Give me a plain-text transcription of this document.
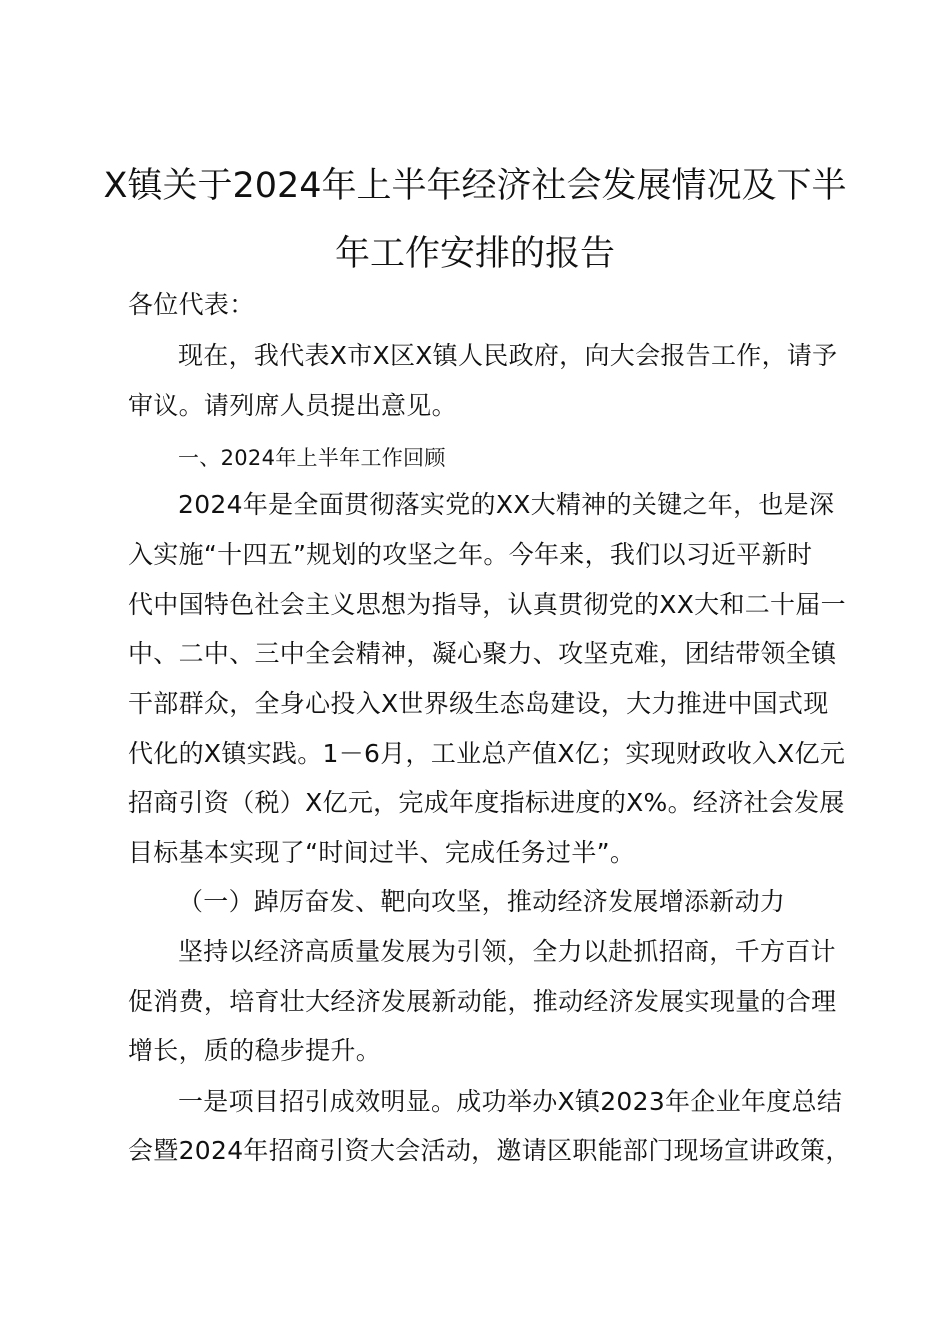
X镇关于2024年上半年经济社会发展情况及下半
年工作安排的报告
各位代表：
现在，我代表X市X区X镇人民政府，向大会报告工作，请予
审议。请列席人员提出意见。
一、2024年上半年工作回顾
2024年是全面贯彻落实党的XX大精神的关键之年，也是深
入实施“十四五”规划的攻坚之年。今年来，我们以习近平新时
代中国特色社会主义思想为指导，认真贯彻党的XX大和二十届一
中、二中、三中全会精神，凝心聚力、攻坚克难，团结带领全镇
干部群众，全身心投入X世界级生态岛建设，大力推进中国式现
代化的X镇实践。1－6月，工业总产值X亿；实现财政收入X亿元
招商引资（税）X亿元，完成年度指标进度的X%。经济社会发展
目标基本实现了“时间过半、完成任务过半”。
（一）踔厉奋发、靶向攻坚，推动经济发展增添新动力
坚持以经济高质量发展为引领，全力以赴抓招商，千方百计
促消费，培育壮大经济发展新动能，推动经济发展实现量的合理
增长，质的稳步提升。
一是项目招引成效明显。成功举办X镇2023年企业年度总结
会暨2024年招商引资大会活动，邀请区职能部门现场宣讲政策，
